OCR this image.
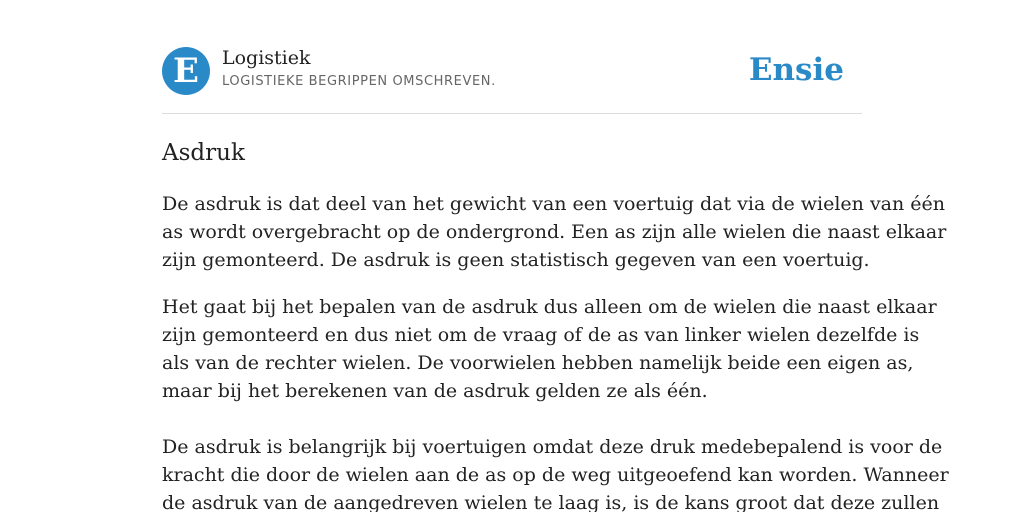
E	Logistiek
LOGISTIEKE BEGRIPPEN OMSCHREVEN.	Ensie
Asdruk

De asdruk is dat deel van het gewicht van een voertuig dat via de wielen van één
as wordt overgebracht op de ondergrond. Een as zijn alle wielen die naast elkaar
zijn gemonteerd. De asdruk is geen statistisch gegeven van een voertuig.

Het gaat bij het bepalen van de asdruk dus alleen om de wielen die naast elkaar
zijn gemonteerd en dus niet om de vraag of de as van linker wielen dezelfde is
als van de rechter wielen. De voorwielen hebben namelijk beide een eigen as,
maar bij het berekenen van de asdruk gelden ze als één.

De asdruk is belangrijk bij voertuigen omdat deze druk medebepalend is voor de
kracht die door de wielen aan de as op de weg uitgeoefend kan worden. Wanneer
de asdruk van de aangedreven wielen te laag is, is de kans groot dat deze zullen
